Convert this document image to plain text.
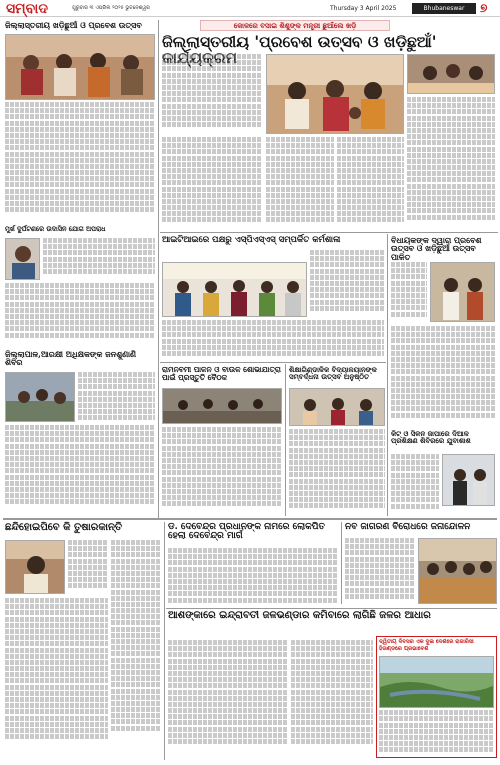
ସମ୍ବାଦ	ଗୁରୁବାର ୩ ଏପ୍ରିଲ ୨୦୨୫ ଭୁବନେଶ୍ୱର	Thursday 3 April 2025	Bhubaneswar	୭
ଜିଲ୍ଲାସ୍ତରୀୟ ଖଡ଼ିଛୁଆଁ ଓ ପ୍ରବେଶ ଉତ୍ସବ
ମୁର୍ଖ ଦୁର୍ଘଟଣରେ ଉଦାସିନ ଯୋଗ ଅପରାଧ
ଜିଲ୍ଲାପାଳ,ଆରକ୍ଷୀ ଅଧିକ୍ଷକଙ୍କ ଜନଶୁଣାଣି ଶିବିର
କୋଳରେ ବସାଇ ଶିଶୁଙ୍କ ମନ୍ତ୍ରୀ ଛୁଆଁଲେ ଖଡ଼ି
ଜିଲ୍ଲାସ୍ତରୀୟ 'ପ୍ରବେଶ ଉତ୍ସବ ଓ ଖଡ଼ିଛୁଆଁ' କାର୍ଯ୍ୟକ୍ରମ
ଆଇଟିଆଇରେ ପକ୍ଷରୁ ଏସ୍‌ପିଏସ୍‌ଏସ୍ ସମ୍ପର୍କିତ କର୍ମଶାଳା	ବିଧାୟକଙ୍କ ଦ୍ୱାରା ପ୍ରବେଶ ଉତ୍ସବ ଓ ଖଡ଼ିଛୁଆଁ ଉତ୍ସବ ପାଳିତ
କିଟ୍ ଓ ସିଳନ ଜାପାରେ ଦିଆଳ ପ୍ରଶିକ୍ଷଣ ଶିବିରରେ ଯୁବାଶାଶ
ରାମନବମୀ ପାଳନ ଓ ବାଉଳ ଶୋଭାଯାତ୍ରା ପାଇଁ ପ୍ରସ୍ତୁତି ବୈଠକ
ଶିକ୍ଷାଗିଣ୍ଡାଳିକ ବିଦ୍ୟାଳୟାନଙ୍କ ସମ୍ବର୍ଦ୍ଧନା ଉତ୍ସବ ଅନୁଷ୍ଠିତ
ଛନ୍ଦିହୋଇପିବେ କି ତୁଷାରକାନ୍ତି	ଡ. ଦେବେନ୍ଦ୍ର ପ୍ରଧାନଙ୍କ ନାମରେ ଲୋକପିତ ହେଲା ଦେବେନ୍ଦ୍ର ମାର୍ଗ
ନବ ଜାଗରଣ ବିରୋଧରେ ଜନାନ୍ଦୋଳନ
ଆଶଙ୍କାରେ ଇନ୍ଦ୍ରାବତୀ ଜଳଭଣ୍ଡାର କମିବାରେ ଲାଗିଛି ଜଳର ଆଧାର
ଦ୍ୱିତୀୟ ଦିବସର ଏକ ଦୁଇ ଦେଶରେ ରାଜାରିସୀ ହିଉଣ୍ଡରେ ପ୍ରଭାବେଶ
